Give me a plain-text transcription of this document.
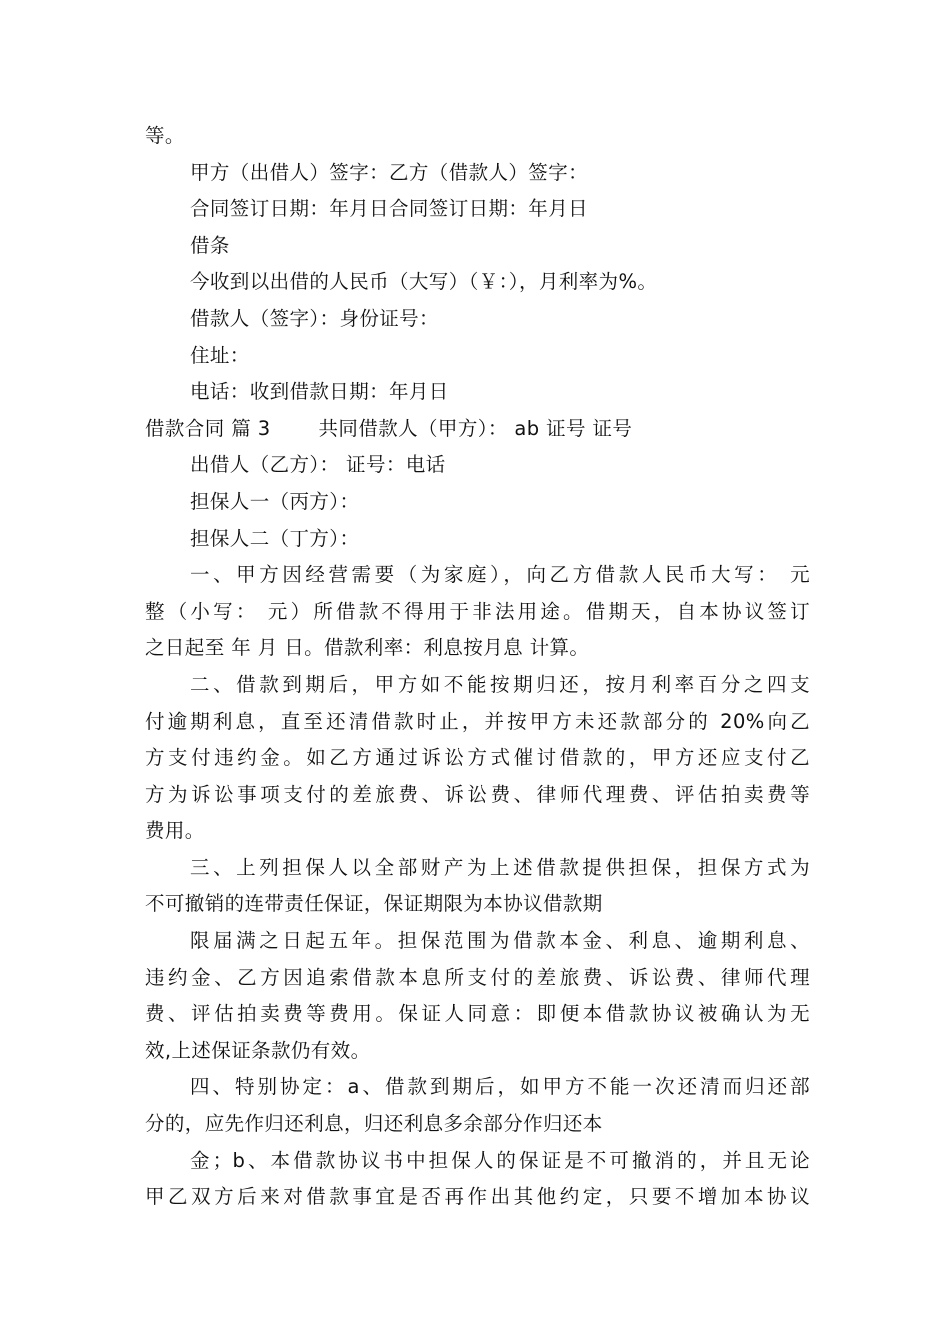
等。
甲方（出借人）签字：乙方（借款人）签字：
合同签订日期：年月日合同签订日期：年月日
借条
今收到以出借的人民币（大写）（￥：），月利率为%。
借款人（签字）：身份证号：
住址：
电话：收到借款日期：年月日
借款合同 篇 3 共同借款人（甲方）： ab 证号 证号
出借人（乙方）： 证号：电话
担保人一（丙方）：
担保人二（丁方）：
一、甲方因经营需要（为家庭），向乙方借款人民币大写： 元
整（小写： 元）所借款不得用于非法用途。借期天，自本协议签订
之日起至 年 月 日。借款利率：利息按月息 计算。
二、借款到期后，甲方如不能按期归还，按月利率百分之四支
付逾期利息，直至还清借款时止，并按甲方未还款部分的 20%向乙
方支付违约金。如乙方通过诉讼方式催讨借款的，甲方还应支付乙
方为诉讼事项支付的差旅费、诉讼费、律师代理费、评估拍卖费等
费用。
三、上列担保人以全部财产为上述借款提供担保，担保方式为
不可撤销的连带责任保证，保证期限为本协议借款期
限届满之日起五年。担保范围为借款本金、利息、逾期利息、
违约金、乙方因追索借款本息所支付的差旅费、诉讼费、律师代理
费、评估拍卖费等费用。保证人同意：即便本借款协议被确认为无
效,上述保证条款仍有效。
四、特别协定：a、借款到期后，如甲方不能一次还清而归还部
分的，应先作归还利息，归还利息多余部分作归还本
金；b、本借款协议书中担保人的保证是不可撤消的，并且无论
甲乙双方后来对借款事宜是否再作出其他约定，只要不增加本协议
